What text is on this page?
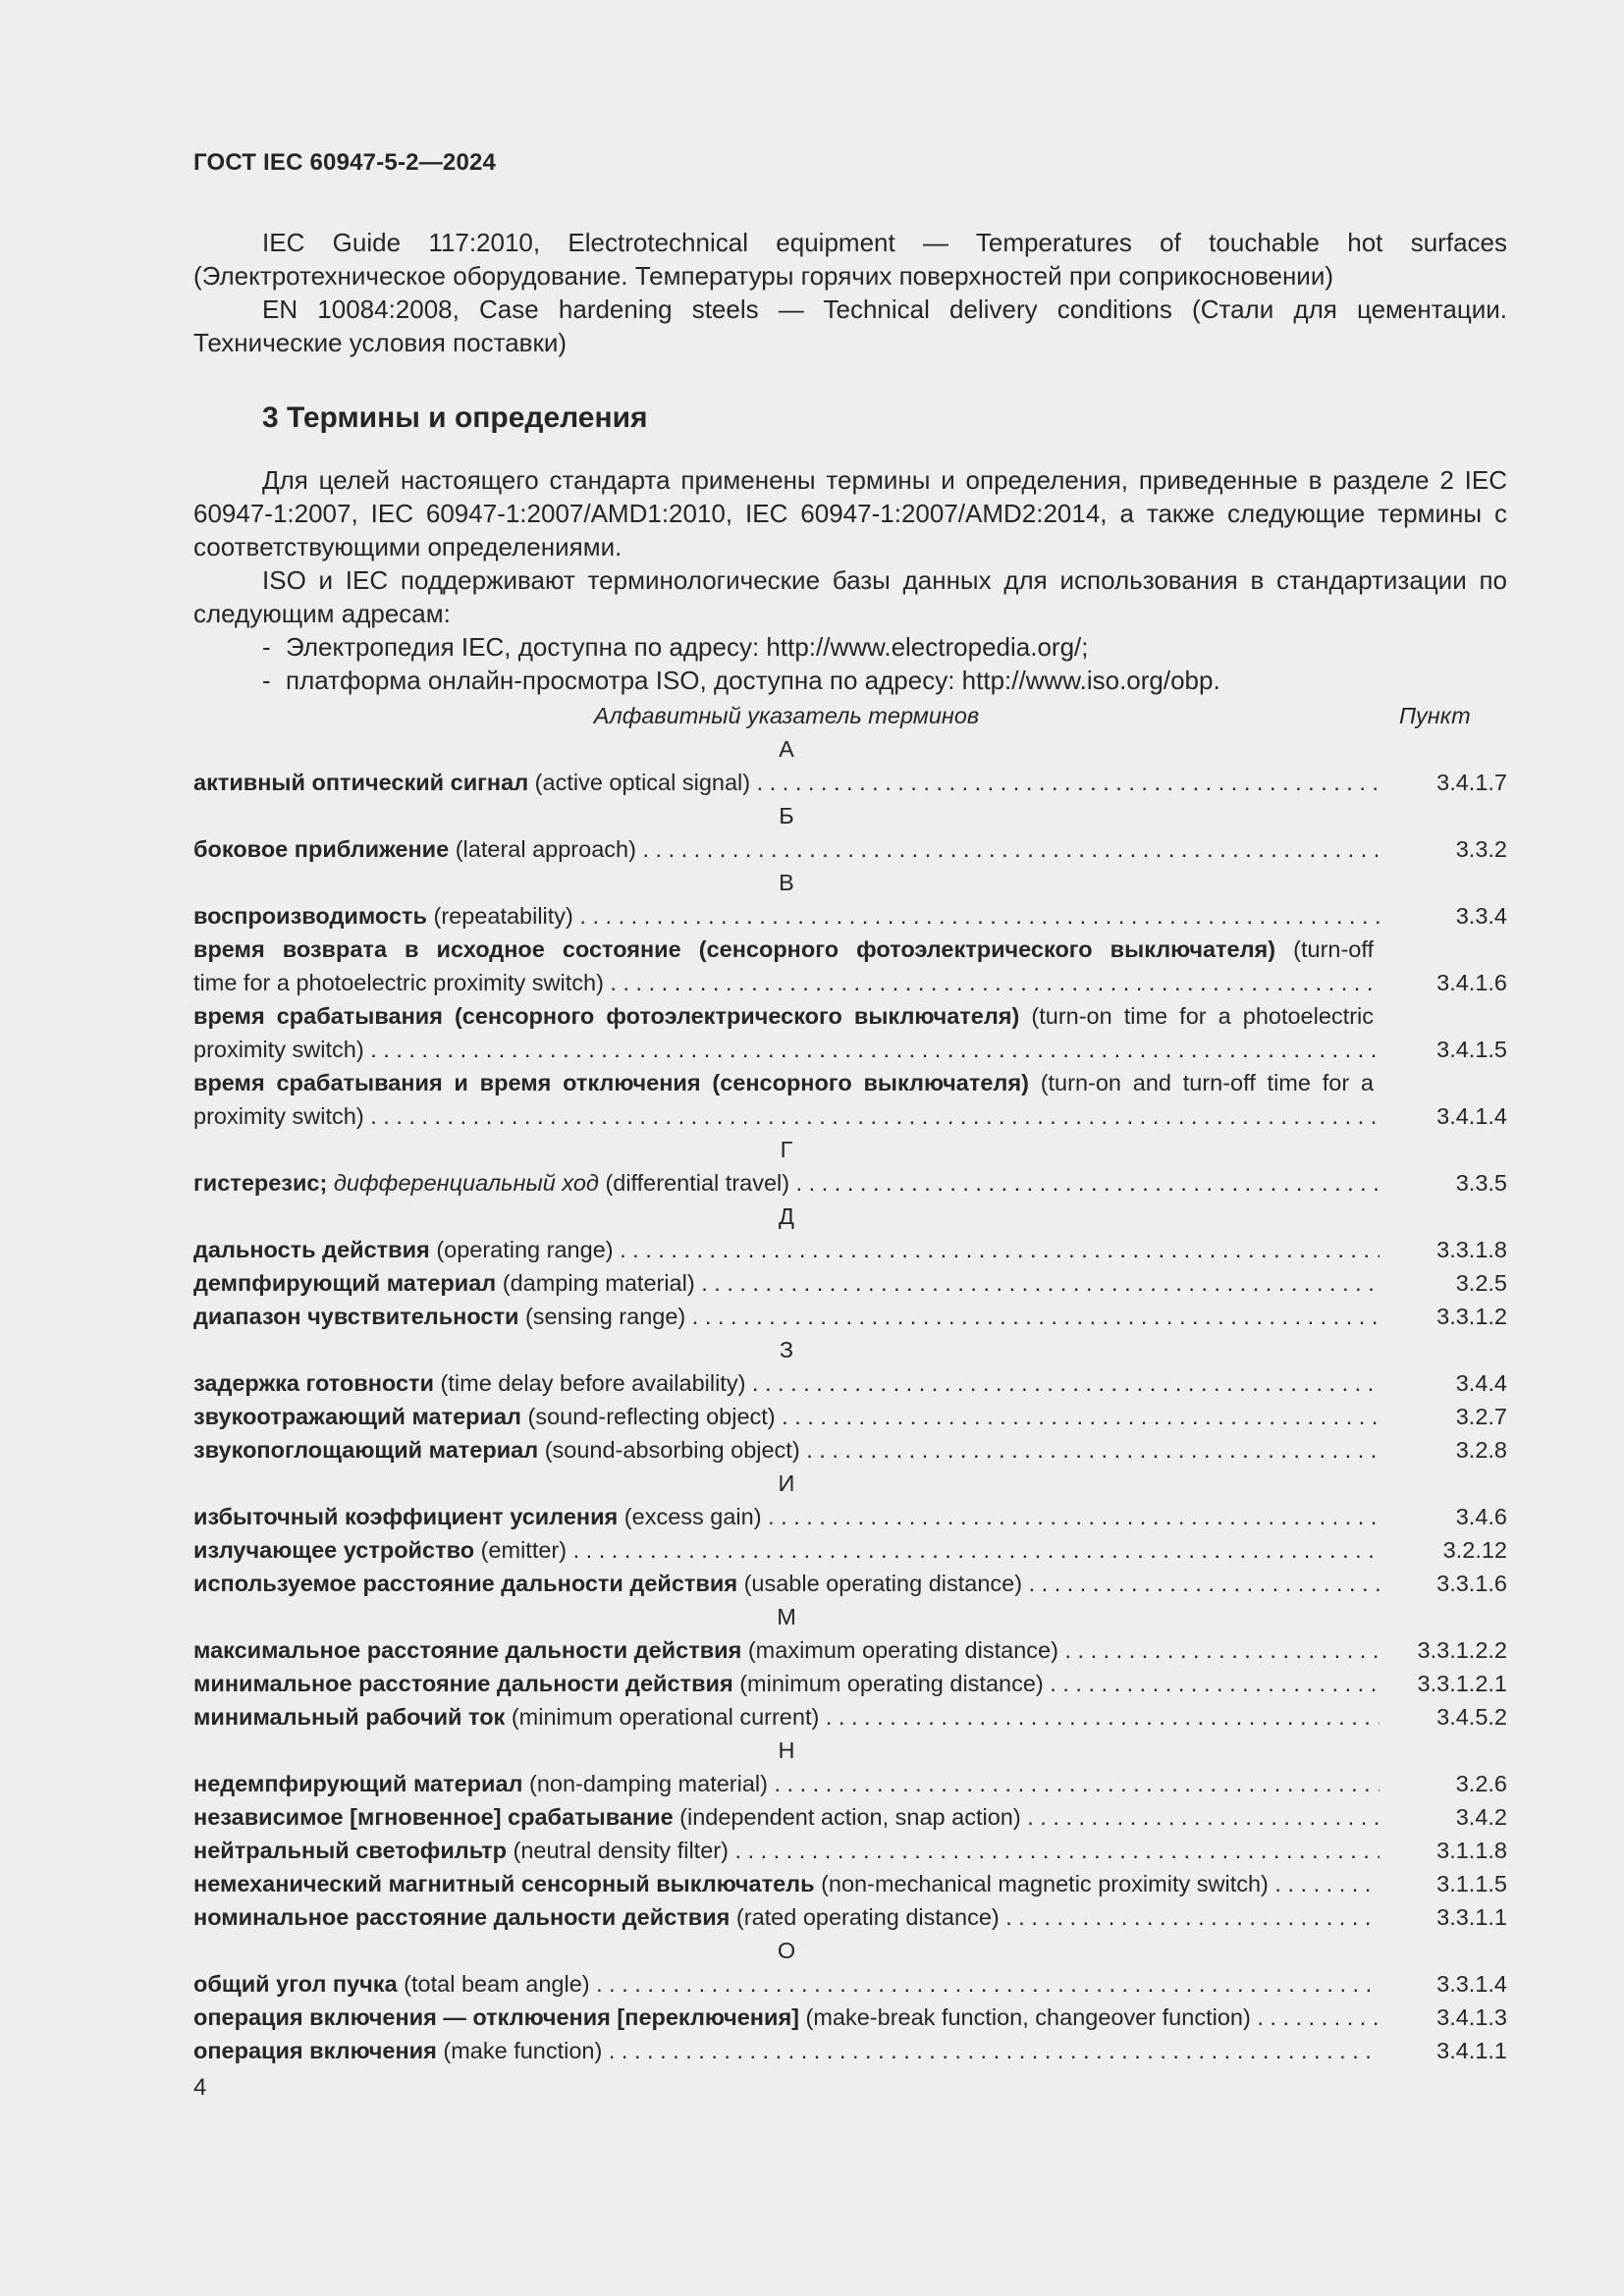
ГОСТ IEC 60947-5-2—2024

IEC Guide 117:2010, Electrotechnical equipment — Temperatures of touchable hot surfaces (Электротехническое оборудование. Температуры горячих поверхностей при соприкосновении)

EN 10084:2008, Case hardening steels — Technical delivery conditions (Стали для цементации. Технические условия поставки)

3 Термины и определения

Для целей настоящего стандарта применены термины и определения, приведенные в разделе 2 IEC 60947-1:2007, IEC 60947-1:2007/AMD1:2010, IEC 60947-1:2007/AMD2:2014, а также следующие термины с соответствующими определениями.

ISO и IEC поддерживают терминологические базы данных для использования в стандартизации по следующим адресам:

- Электропедия IEC, доступна по адресу: http://www.electropedia.org/;
- платформа онлайн-просмотра ISO, доступна по адресу: http://www.iso.org/obp.
Алфавитный указатель терминов	Пункт
А
активный оптический сигнал (active optical signal) . . .	3.4.1.7
Б
боковое приближение (lateral approach) . . .	3.3.2
В
воспроизводимость (repeatability) . . .	3.3.4
время возврата в исходное состояние (сенсорного фотоэлектрического выключателя) (turn-off
time for a photoelectric proximity switch) . . .	3.4.1.6
время срабатывания (сенсорного фотоэлектрического выключателя) (turn-on time for a photoelectric
proximity switch) . . .	3.4.1.5
время срабатывания и время отключения (сенсорного выключателя) (turn-on and turn-off time for a
proximity switch) . . .	3.4.1.4
Г
гистерезис; дифференциальный ход (differential travel) . . .	3.3.5
Д
дальность действия (operating range) . . .	3.3.1.8
демпфирующий материал (damping material) . . .	3.2.5
диапазон чувствительности (sensing range) . . .	3.3.1.2
З
задержка готовности (time delay before availability) . . .	3.4.4
звукоотражающий материал (sound-reflecting object) . . .	3.2.7
звукопоглощающий материал (sound-absorbing object) . . .	3.2.8
И
избыточный коэффициент усиления (excess gain) . . .	3.4.6
излучающее устройство (emitter) . . .	3.2.12
используемое расстояние дальности действия (usable operating distance) . . .	3.3.1.6
М
максимальное расстояние дальности действия (maximum operating distance) . . .	3.3.1.2.2
минимальное расстояние дальности действия (minimum operating distance) . . .	3.3.1.2.1
минимальный рабочий ток (minimum operational current) . . .	3.4.5.2
Н
недемпфирующий материал (non-damping material) . . .	3.2.6
независимое [мгновенное] срабатывание (independent action, snap action) . . .	3.4.2
нейтральный светофильтр (neutral density filter) . . .	3.1.1.8
немеханический магнитный сенсорный выключатель (non-mechanical magnetic proximity switch) . . .	3.1.1.5
номинальное расстояние дальности действия (rated operating distance) . . .	3.3.1.1
О
общий угол пучка (total beam angle) . . .	3.3.1.4
операция включения — отключения [переключения] (make-break function, changeover function) . . .	3.4.1.3
операция включения (make function) . . .	3.4.1.1
4
